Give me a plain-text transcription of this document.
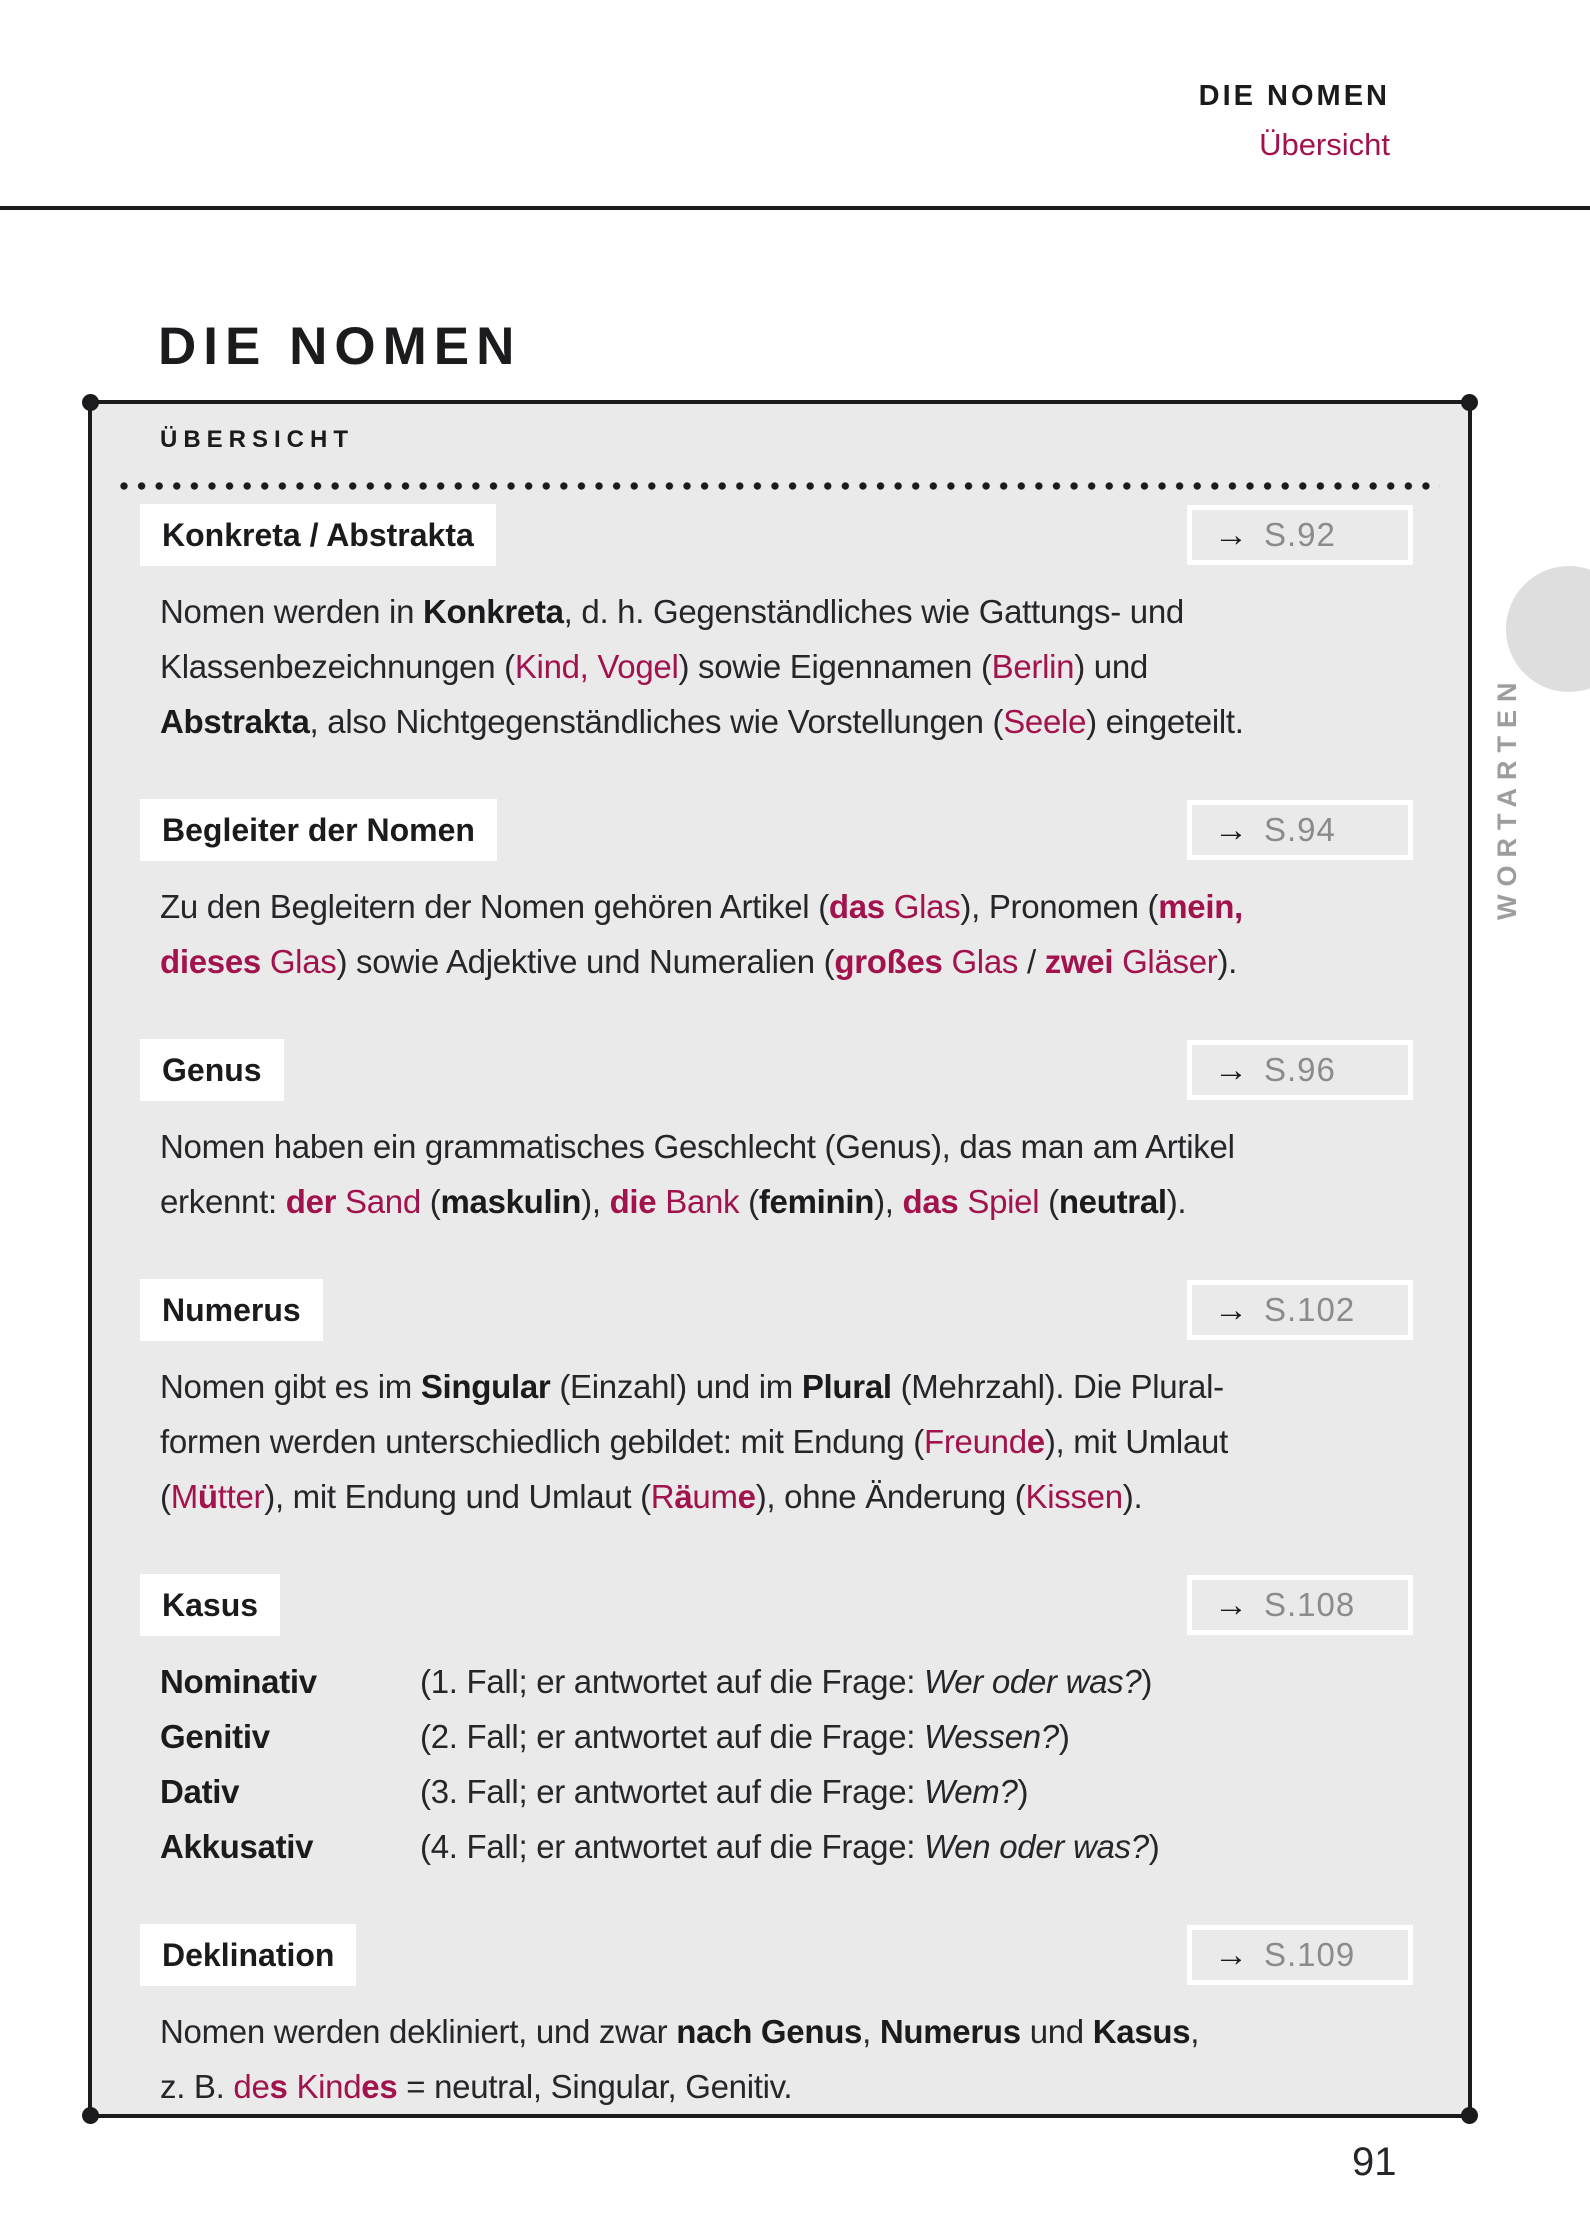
DIE NOMEN
Übersicht
DIE NOMEN
ÜBERSICHT
Konkreta / Abstrakta	→ S.92
Nomen werden in Konkreta, d. h. Gegenständliches wie Gattungs- und
Klassenbezeichnungen (Kind, Vogel) sowie Eigennamen (Berlin) und
Abstrakta, also Nichtgegenständliches wie Vorstellungen (Seele) eingeteilt.
Begleiter der Nomen	→ S.94
Zu den Begleitern der Nomen gehören Artikel (das Glas), Pronomen (mein,
dieses Glas) sowie Adjektive und Numeralien (großes Glas / zwei Gläser).
Genus	→ S.96
Nomen haben ein grammatisches Geschlecht (Genus), das man am Artikel
erkennt: der Sand (maskulin), die Bank (feminin), das Spiel (neutral).
Numerus	→ S.102
Nomen gibt es im Singular (Einzahl) und im Plural (Mehrzahl). Die Plural-
formen werden unterschiedlich gebildet: mit Endung (Freunde), mit Umlaut
(Mütter), mit Endung und Umlaut (Räume), ohne Änderung (Kissen).
Kasus	→ S.108
Nominativ	(1. Fall; er antwortet auf die Frage: Wer oder was?)
Genitiv	(2. Fall; er antwortet auf die Frage: Wessen?)
Dativ	(3. Fall; er antwortet auf die Frage: Wem?)
Akkusativ	(4. Fall; er antwortet auf die Frage: Wen oder was?)
Deklination	→ S.109
Nomen werden dekliniert, und zwar nach Genus, Numerus und Kasus,
z. B. des Kindes = neutral, Singular, Genitiv.
91
WORTARTEN
